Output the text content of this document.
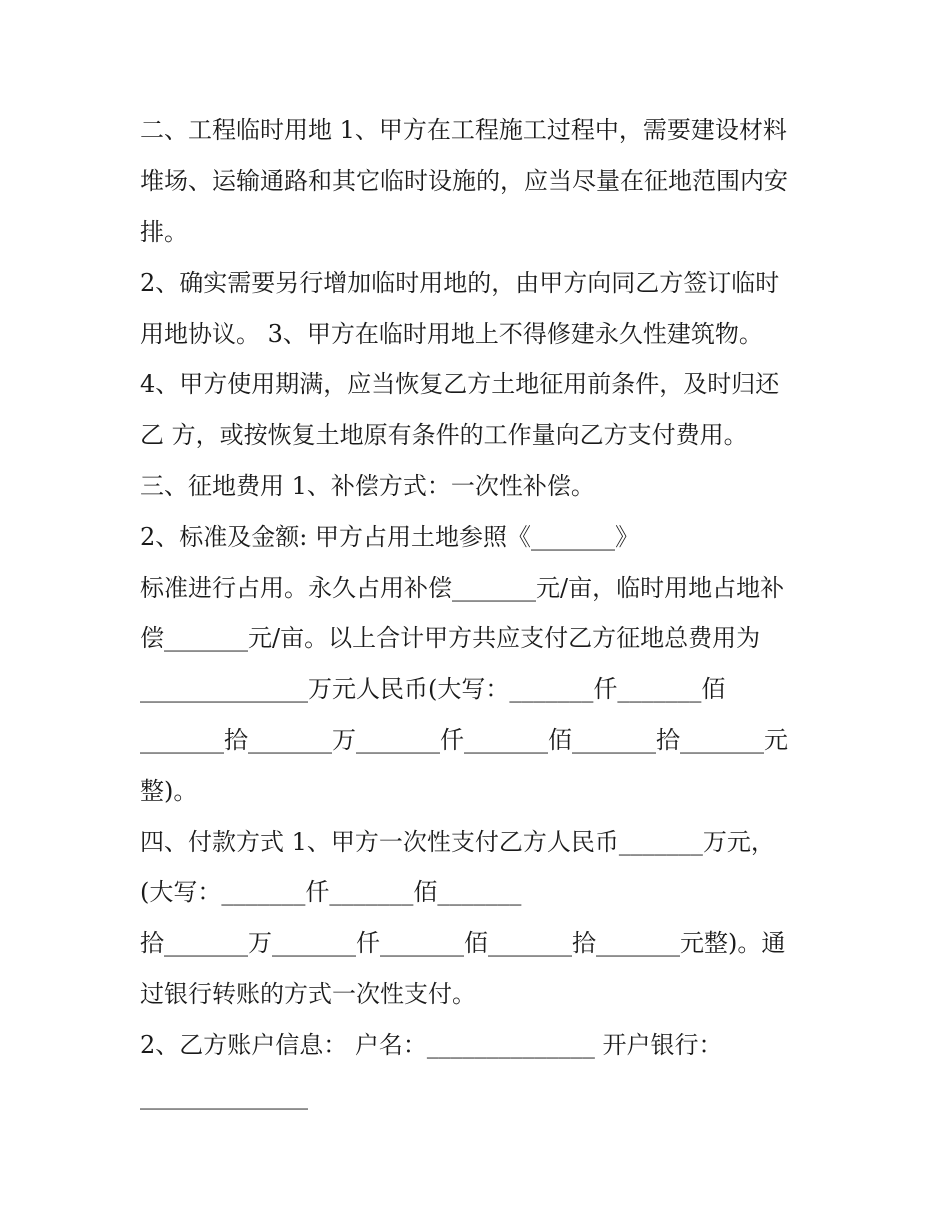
二、工程临时用地 1、甲方在工程施工过程中，需要建设材料
堆场、运输通路和其它临时设施的，应当尽量在征地范围内安
排。
2、确实需要另行增加临时用地的，由甲方向同乙方签订临时
用地协议。 3、甲方在临时用地上不得修建永久性建筑物。
4、甲方使用期满，应当恢复乙方土地征用前条件，及时归还
乙 方，或按恢复土地原有条件的工作量向乙方支付费用。
三、征地费用 1、补偿方式：一次性补偿。
2、标准及金额: 甲方占用土地参照《_______》
标准进行占用。永久占用补偿_______元/亩，临时用地占地补
偿_______元/亩。以上合计甲方共应支付乙方征地总费用为
______________万元人民币(大写：_______仟_______佰
_______拾_______万_______仟_______佰_______拾_______元
整)。
四、付款方式 1、甲方一次性支付乙方人民币_______万元，
(大写：_______仟_______佰_______
拾_______万_______仟_______佰_______拾_______元整)。通
过银行转账的方式一次性支付。
2、乙方账户信息： 户名：______________ 开户银行：
______________
